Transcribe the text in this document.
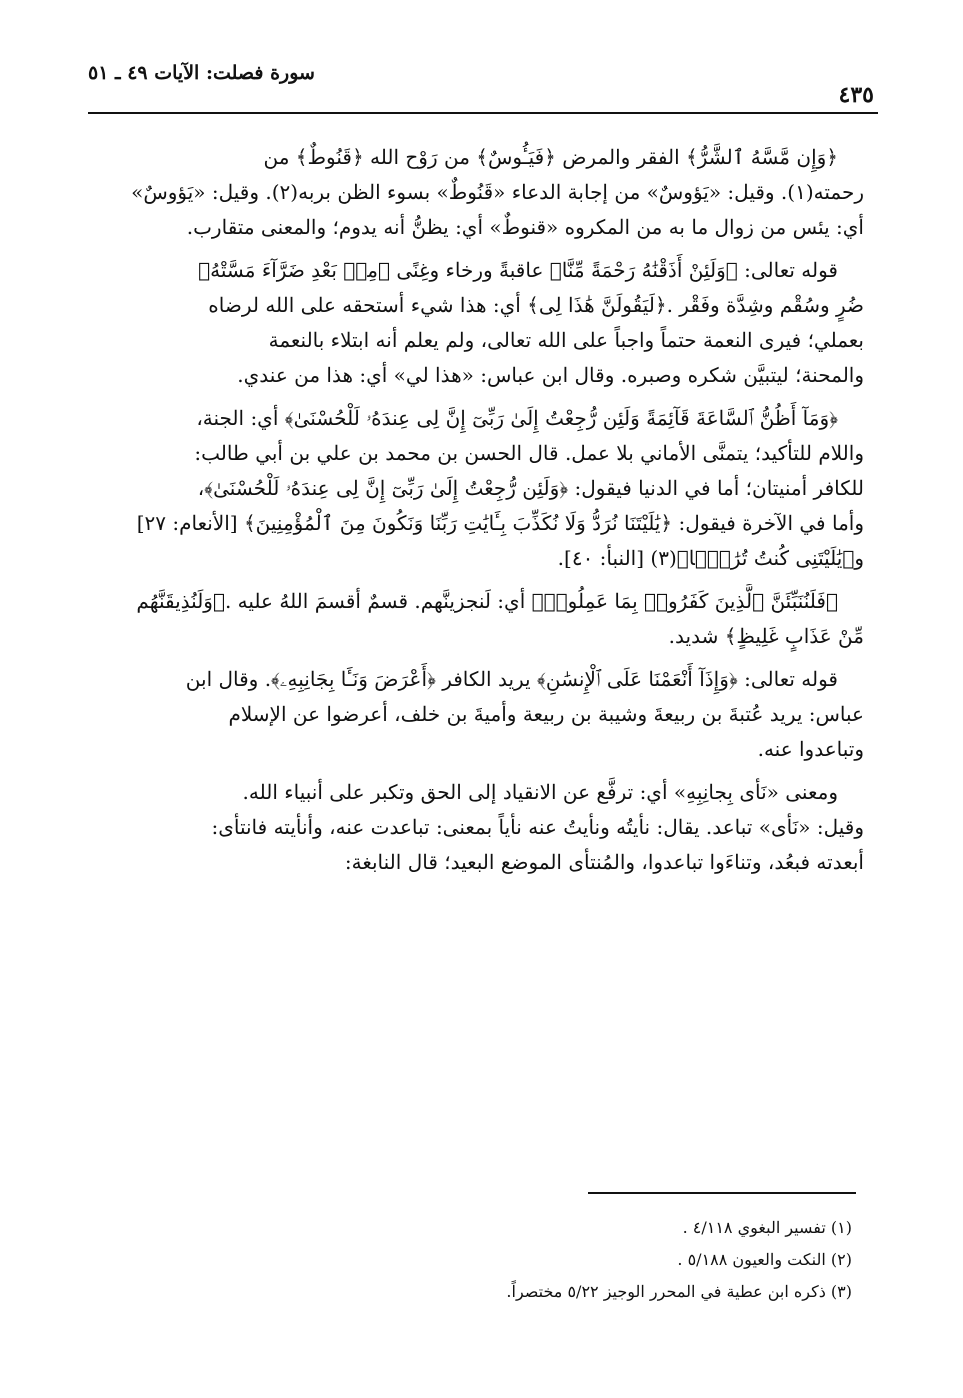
سورة فصلت: الآيات ٤٩ ـ ٥١
٤٣٥

﴿وَإِن مَّسَّهُ ٱلشَّرُّ﴾ الفقر والمرض ﴿فَيَـُٔوسٌ﴾ من رَوْح الله ﴿قَنُوطٌ﴾ من
رحمته(١). وقيل: «يَؤوسٌ» من إجابة الدعاء «قَنُوطٌ» بسوء الظن بربه(٢). وقيل: «يَؤوسٌ»
أي: يئس من زوال ما به من المكروه «قنوطٌ» أي: يظنُّ أنه يدوم؛ والمعنى متقارب.

قوله تعالى: ﴿وَلَئِنْ أَذَقْنَٰهُ رَحْمَةً مِّنَّا﴾ عاقبةً ورخاء وغِنًى ﴿مِنۢ بَعْدِ ضَرَّآءَ مَسَّتْهُ﴾
ضُرٍ وسُقْم وشِدَّة وفَقْر .﴿لَيَقُولَنَّ هَٰذَا لِى﴾ أي: هذا شيء أستحقه على الله لرضاه
بعملي؛ فيرى النعمة حتماً واجباً على الله تعالى، ولم يعلم أنه ابتلاء بالنعمة
والمحنة؛ ليتبيَّن شكره وصبره. وقال ابن عباس: «هذا لي» أي: هذا من عندي.

﴿وَمَآ أَظُنُّ ٱلسَّاعَةَ قَآئِمَةً وَلَئِن رُّجِعْتُ إِلَىٰ رَبِّىٓ إِنَّ لِى عِندَهُۥ لَلْحُسْنَىٰ﴾ أي: الجنة،
واللام للتأكيد؛ يتمنَّى الأماني بلا عمل. قال الحسن بن محمد بن علي بن أبي طالب:
للكافر أمنيتان؛ أما في الدنيا فيقول: ﴿وَلَئِن رُّجِعْتُ إِلَىٰ رَبِّىٓ إِنَّ لِى عِندَهُۥ لَلْحُسْنَىٰ﴾،
وأما في الآخرة فيقول: ﴿يَٰلَيْتَنَا نُرَدُّ وَلَا نُكَذِّبَ بِـَٔايَٰتِ رَبِّنَا وَنَكُونَ مِنَ ٱلْمُؤْمِنِينَ﴾ [الأنعام: ٢٧]
و﴿يَٰلَيْتَنِى كُنتُ تُرَٰبًۢا﴾(٣) [النبأ: ٤٠].

﴿فَلَنُنَبِّئَنَّ ٱلَّذِينَ كَفَرُوا۟ بِمَا عَمِلُوا۟﴾ أي: لَنجزينَّهم. قسمٌ أقسمَ اللهُ عليه .﴿وَلَنُذِيقَنَّهُم
مِّنْ عَذَابٍ غَلِيظٍ﴾ شديد.

قوله تعالى: ﴿وَإِذَآ أَنْعَمْنَا عَلَى ٱلْإِنسَٰنِ﴾ يريد الكافر ﴿أَعْرَضَ وَنَـَٔا بِجَانِبِهِۦ﴾. وقال ابن
عباس: يريد عُتبةَ بن ربيعةَ وشيبة بن ربيعة وأميةَ بن خلف، أعرضوا عن الإسلام
وتباعدوا عنه.

ومعنى «نَأى بِجانِبِهِ» أي: ترفَّع عن الانقياد إلى الحق وتكبر على أنبياء الله.
وقيل: «نَأى» تباعد. يقال: نأيتُه ونأيتُ عنه نأياً بمعنى: تباعدت عنه، وأنأيته فانتأى:
أبعدته فبعُد، وتناءَوا تباعدوا، والمُنتأى الموضع البعيد؛ قال النابغة:

(١) تفسير البغوي ٤/١١٨ .

(٢) النكت والعيون ٥/١٨٨ .

(٣) ذكره ابن عطية في المحرر الوجيز ٥/٢٢ مختصراً.
